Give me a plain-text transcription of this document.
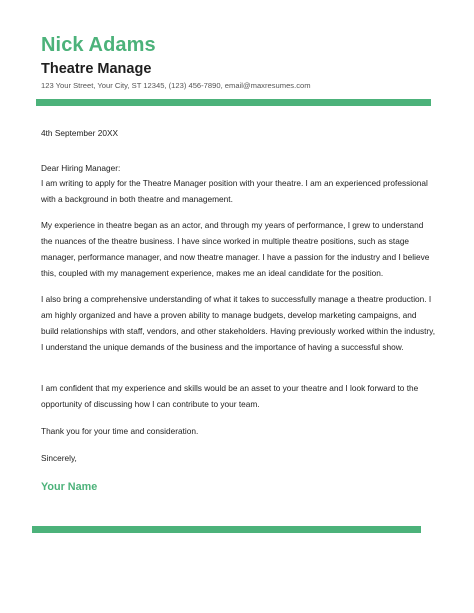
Nick Adams
Theatre Manage
123 Your Street, Your City, ST 12345, (123) 456-7890, email@maxresumes.com

4th September 20XX

Dear Hiring Manager:

I am writing to apply for the Theatre Manager position with your theatre. I am an experienced professional with a background in both theatre and management.

My experience in theatre began as an actor, and through my years of performance, I grew to understand the nuances of the theatre business. I have since worked in multiple theatre positions, such as stage manager, performance manager, and now theatre manager. I have a passion for the industry and I believe this, coupled with my management experience, makes me an ideal candidate for the position.

I also bring a comprehensive understanding of what it takes to successfully manage a theatre production. I am highly organized and have a proven ability to manage budgets, develop marketing campaigns, and build relationships with staff, vendors, and other stakeholders. Having previously worked within the industry, I understand the unique demands of the business and the importance of having a successful show.

I am confident that my experience and skills would be an asset to your theatre and I look forward to the opportunity of discussing how I can contribute to your team.

Thank you for your time and consideration.

Sincerely,

Your Name
